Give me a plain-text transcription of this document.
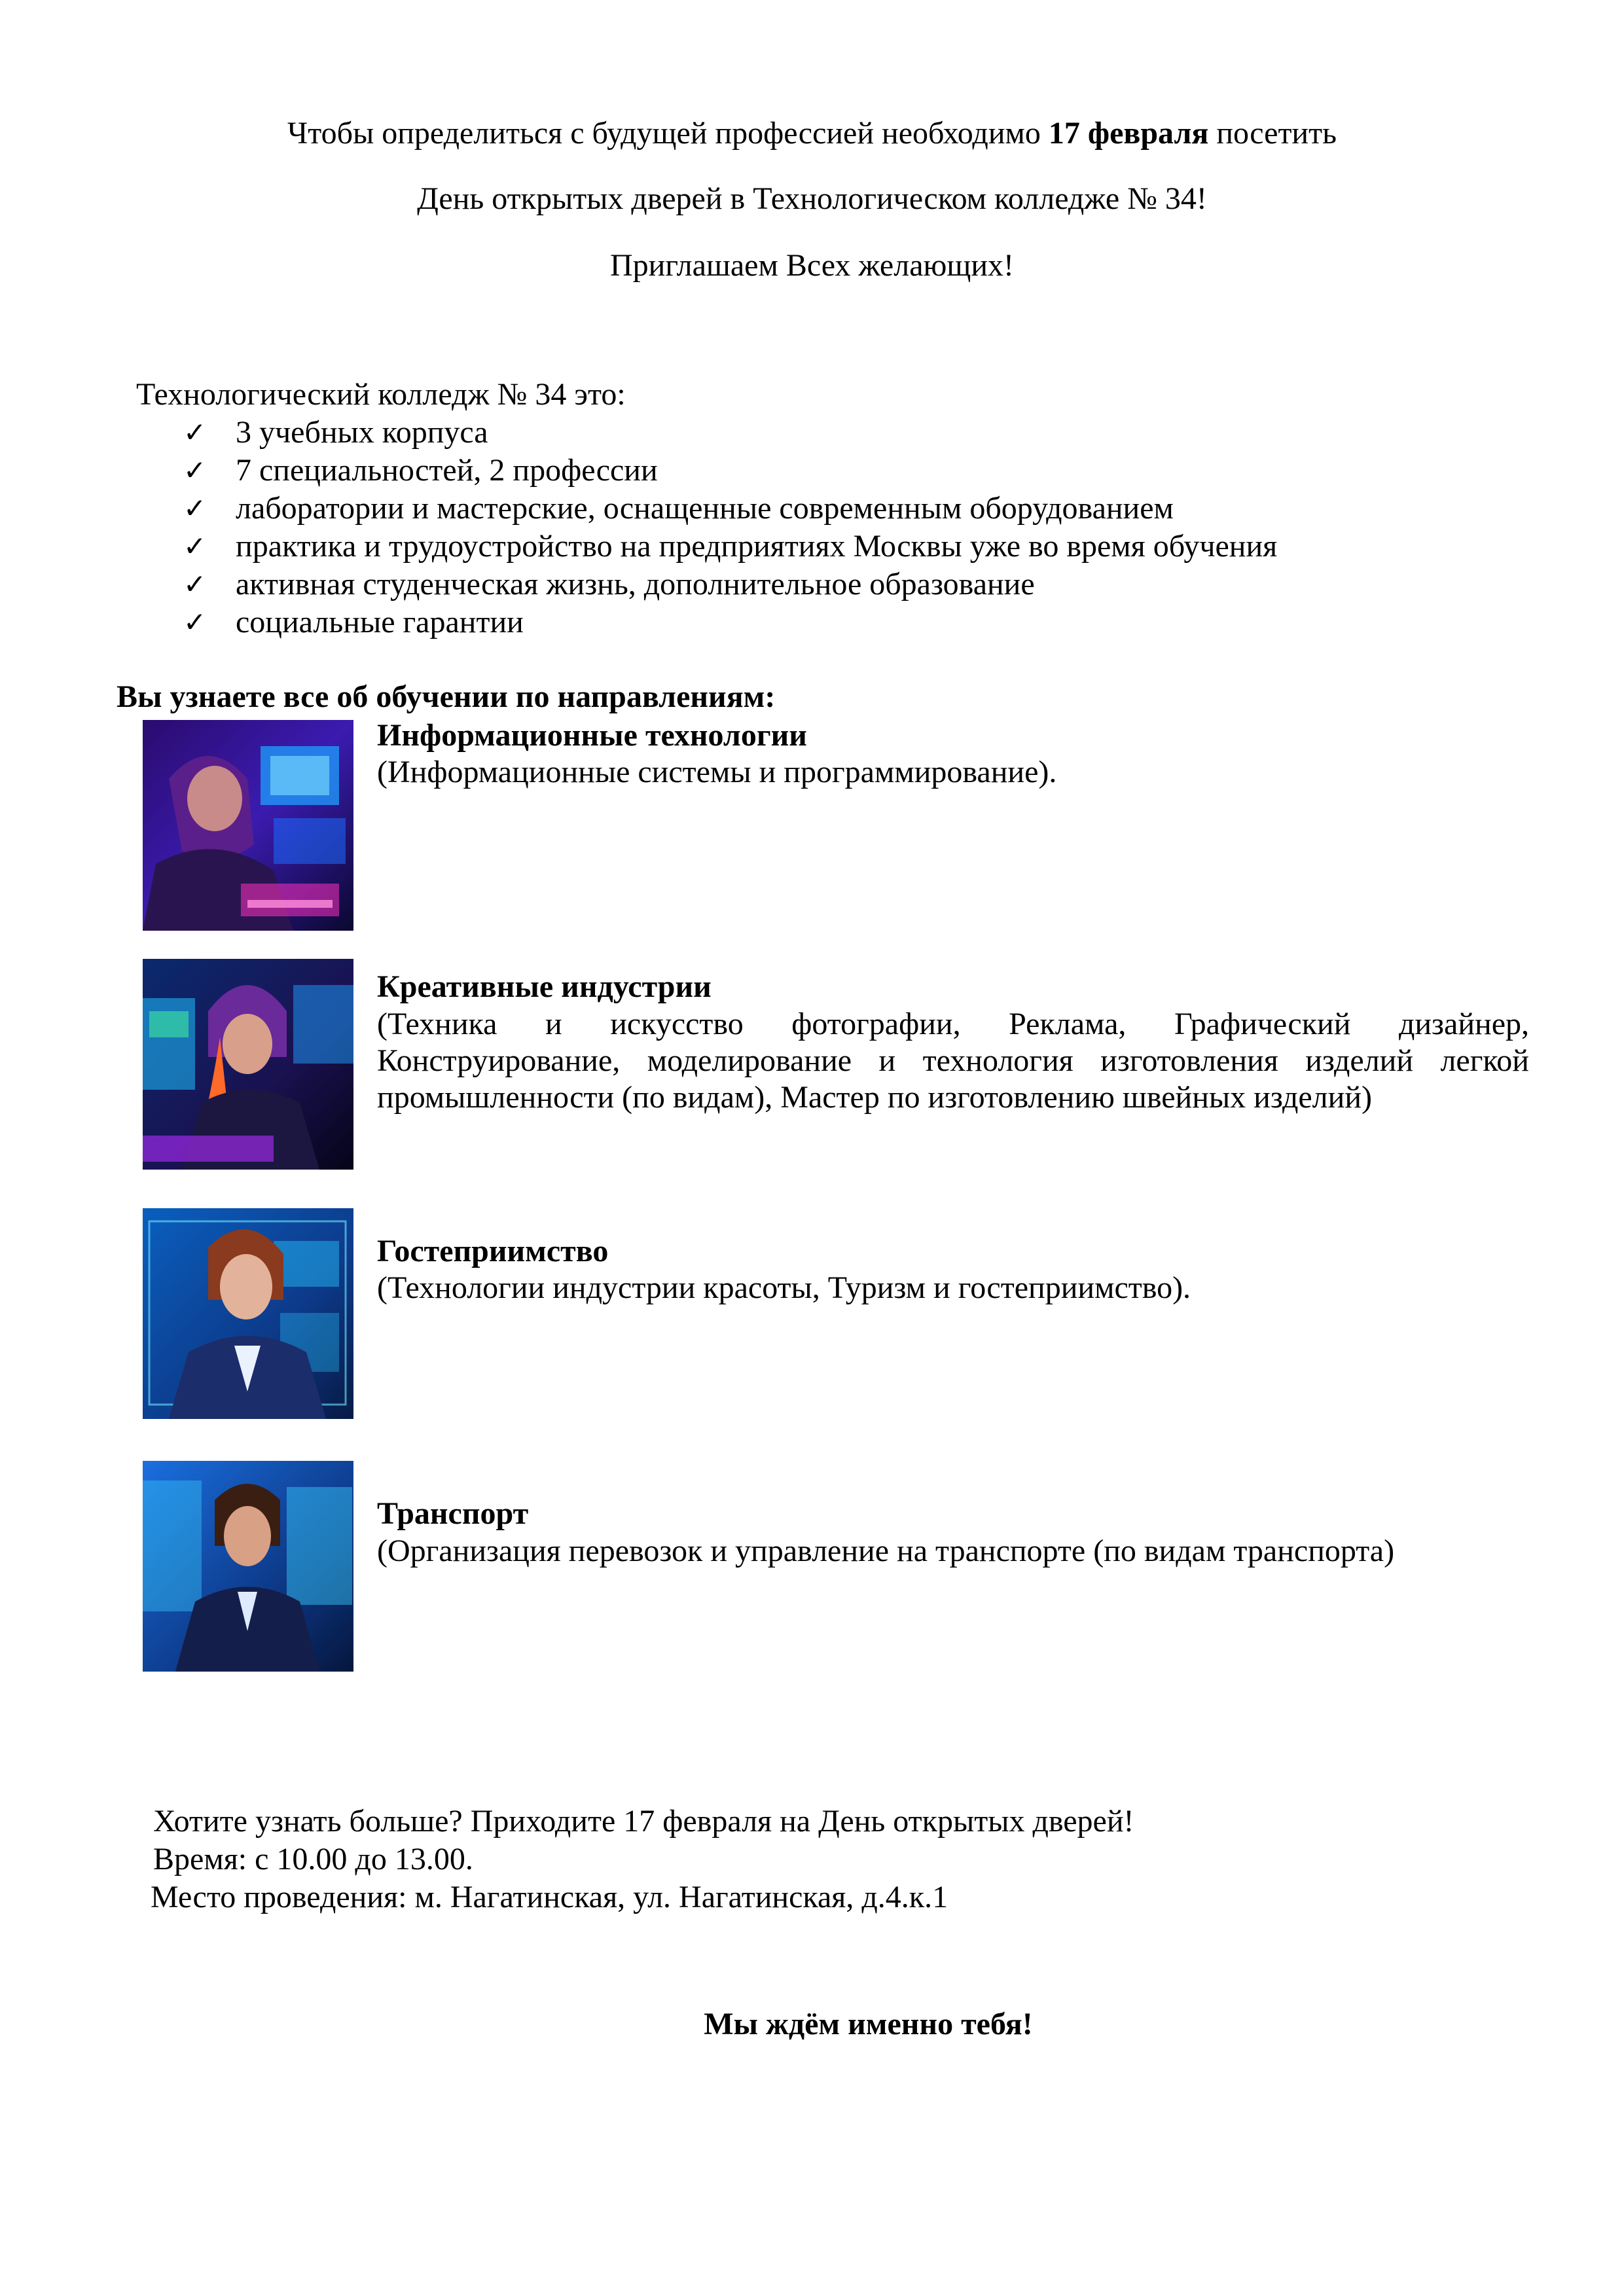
Чтобы определиться с будущей профессией необходимо 17 февраля посетить
День открытых дверей в Технологическом колледже № 34!
Приглашаем Всех желающих!
Технологический колледж № 34 это:
✓ 3 учебных корпуса
✓ 7 специальностей, 2 профессии
✓ лаборатории и мастерские, оснащенные современным оборудованием
✓ практика и трудоустройство на предприятиях Москвы уже во время обучения
✓ активная студенческая жизнь, дополнительное образование
✓ социальные гарантии
Вы узнаете все об обучении по направлениям:
Информационные технологии
(Информационные системы и программирование).
Креативные индустрии
(Техника и искусство фотографии, Реклама, Графический дизайнер, Конструирование, моделирование и технология изготовления изделий легкой промышленности (по видам), Мастер по изготовлению швейных изделий)
Гостеприимство
(Технологии индустрии красоты, Туризм и гостеприимство).
Транспорт
(Организация перевозок и управление на транспорте (по видам транспорта)
Хотите узнать больше? Приходите 17 февраля на День открытых дверей!
Время: с 10.00 до 13.00.
Место проведения: м. Нагатинская, ул. Нагатинская, д.4.к.1
Мы ждём именно тебя!
